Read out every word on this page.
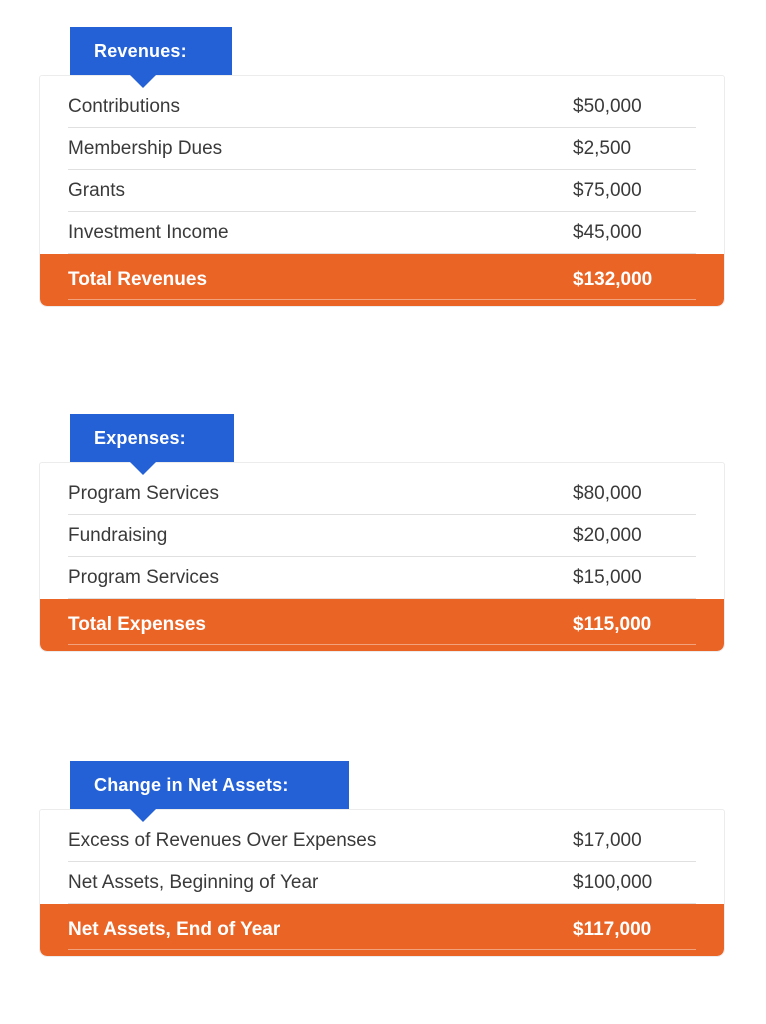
Revenues:
Contributions	$50,000
Membership Dues	$2,500
Grants	$75,000
Investment Income	$45,000
Total Revenues	$132,000
Expenses:
Program Services	$80,000
Fundraising	$20,000
Program Services	$15,000
Total Expenses	$115,000
Change in Net Assets:
Excess of Revenues Over Expenses	$17,000
Net Assets, Beginning of Year	$100,000
Net Assets, End of Year	$117,000
